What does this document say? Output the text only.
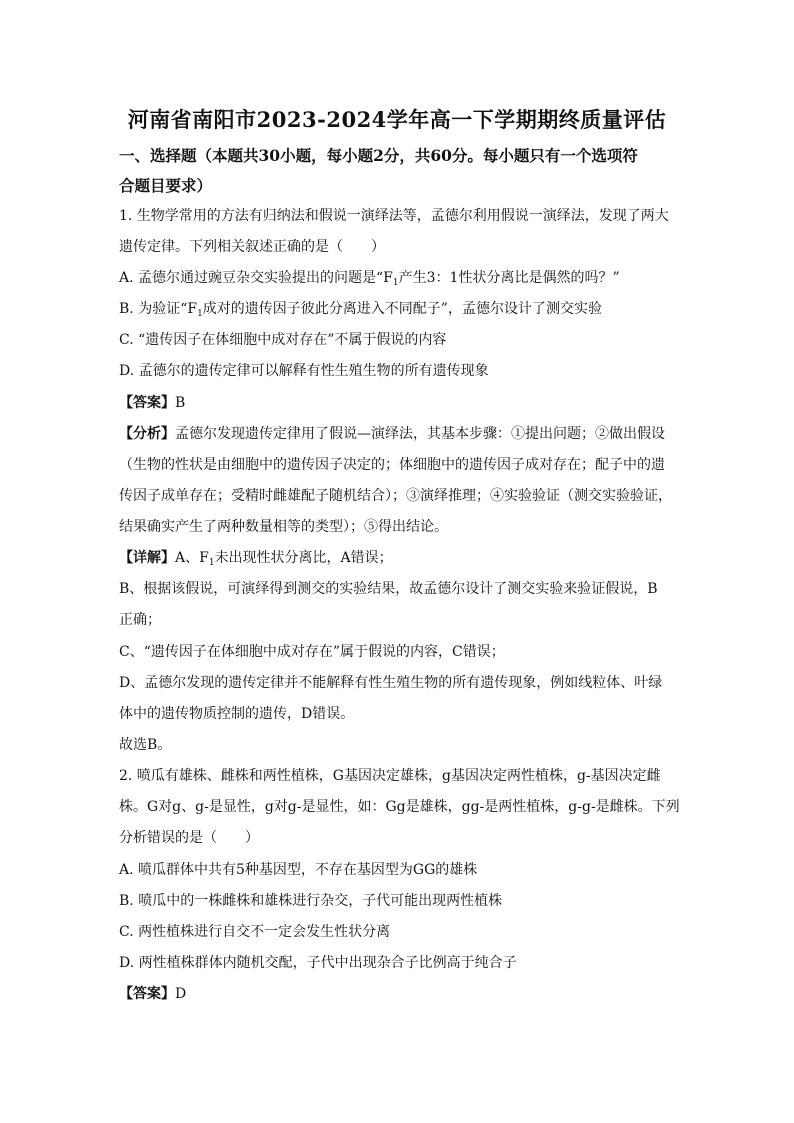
河南省南阳市2023-2024学年高一下学期期终质量评估
一、选择题（本题共30小题，每小题2分，共60分。每小题只有一个选项符
合题目要求）
1. 生物学常用的方法有归纳法和假说一演绎法等，孟德尔利用假说一演绎法，发现了两大
遗传定律。下列相关叙述正确的是（　　）
A. 孟德尔通过豌豆杂交实验提出的问题是“$F_1$产生3：1性状分离比是偶然的吗？”
B. 为验证“$F_1$成对的遗传因子彼此分离进入不同配子”，孟德尔设计了测交实验
C. “遗传因子在体细胞中成对存在”不属于假说的内容
D. 孟德尔的遗传定律可以解释有性生殖生物的所有遗传现象
【答案】B
【分析】孟德尔发现遗传定律用了假说—演绎法，其基本步骤：①提出问题；②做出假设
（生物的性状是由细胞中的遗传因子决定的；体细胞中的遗传因子成对存在；配子中的遗
传因子成单存在；受精时雌雄配子随机结合）；③演绎推理；④实验验证（测交实验验证，
结果确实产生了两种数量相等的类型）；⑤得出结论。
【详解】A、$F_1$未出现性状分离比，A错误；
B、根据该假说，可演绎得到测交的实验结果，故孟德尔设计了测交实验来验证假说，B
正确；
C、“遗传因子在体细胞中成对存在”属于假说的内容，C错误；
D、孟德尔发现的遗传定律并不能解释有性生殖生物的所有遗传现象，例如线粒体、叶绿
体中的遗传物质控制的遗传，D错误。
故选B。
2. 喷瓜有雄株、雌株和两性植株，G基因决定雄株，g基因决定两性植株，g-基因决定雌
株。G对g、g-是显性，g对g-是显性，如：Gg是雄株，gg-是两性植株，g-g-是雌株。下列
分析错误的是（　　）
A. 喷瓜群体中共有5种基因型，不存在基因型为GG的雄株
B. 喷瓜中的一株雌株和雄株进行杂交，子代可能出现两性植株
C. 两性植株进行自交不一定会发生性状分离
D. 两性植株群体内随机交配，子代中出现杂合子比例高于纯合子
【答案】D
